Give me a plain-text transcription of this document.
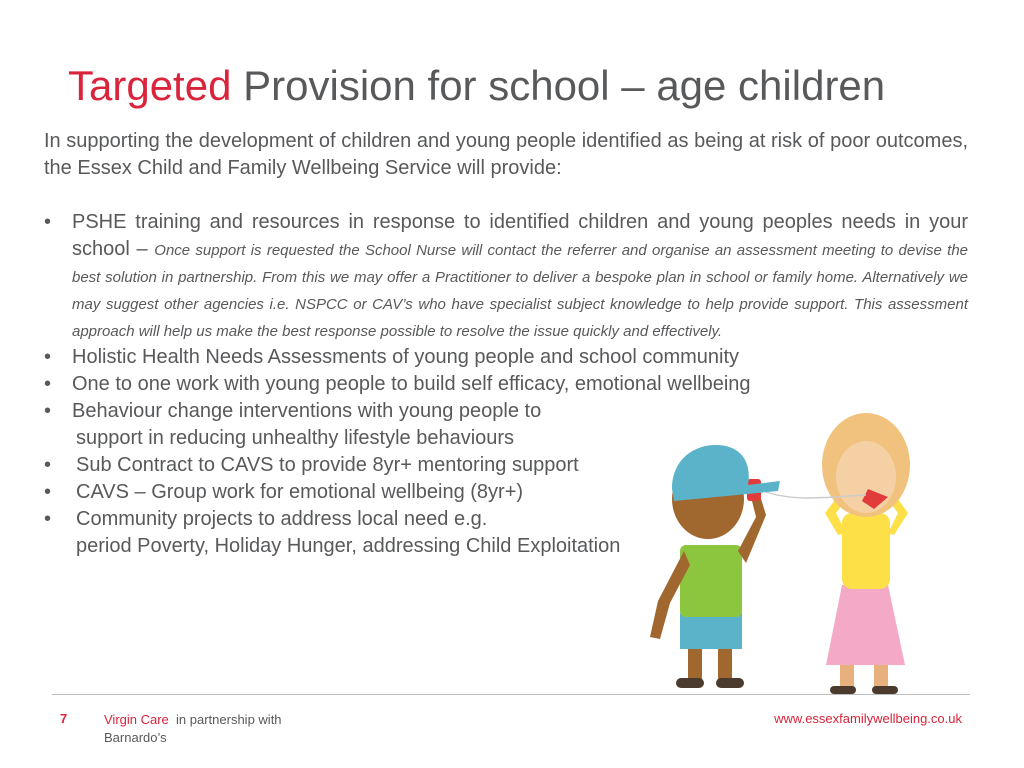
Targeted Provision for school – age children

In supporting the development of children and young people identified as being at risk of poor outcomes, the Essex Child and Family Wellbeing Service will provide:

• PSHE training and resources in response to identified children and young peoples needs in your school – Once support is requested the School Nurse will contact the referrer and organise an assessment meeting to devise the best solution in partnership. From this we may offer a Practitioner to deliver a bespoke plan in school or family home. Alternatively we may suggest other agencies i.e. NSPCC or CAV’s who have specialist subject knowledge to help provide support. This assessment approach will help us make the best response possible to resolve the issue quickly and effectively.
• Holistic Health Needs Assessments of young people and school community
• One to one work with young people to build self efficacy, emotional wellbeing
• Behaviour change interventions with young people to
support in reducing unhealthy lifestyle behaviours
• Sub Contract to CAVS to provide 8yr+ mentoring support
• CAVS – Group work for emotional wellbeing (8yr+)
• Community projects to address local need e.g.
period Poverty, Holiday Hunger, addressing Child Exploitation
7	Virgin Care in partnership with
Barnardo’s
www.essexfamilywellbeing.co.uk
